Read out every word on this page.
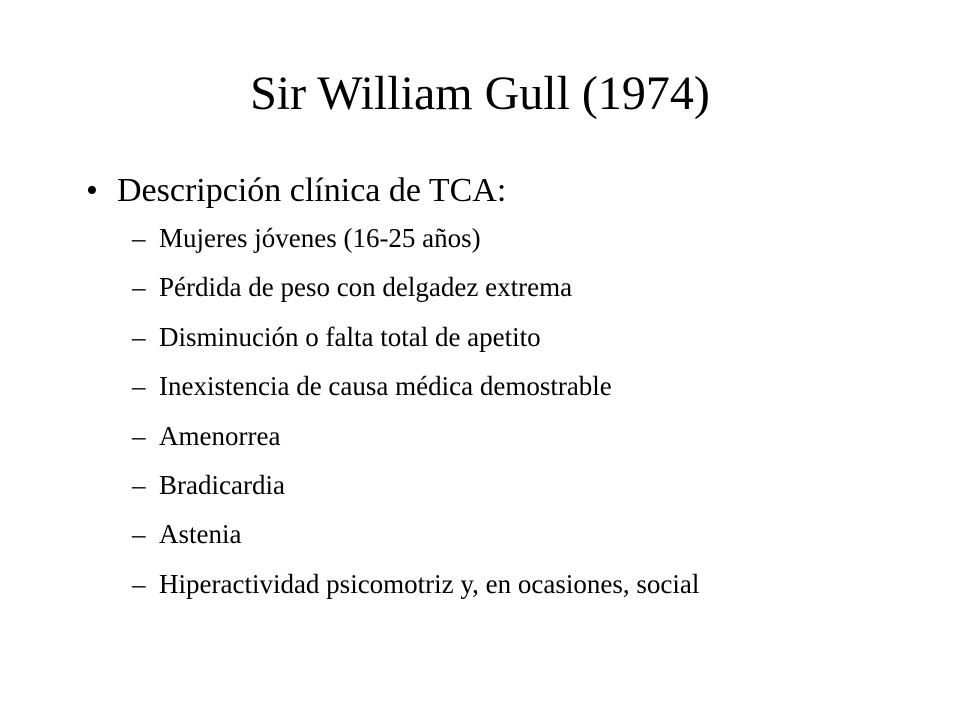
Sir William Gull (1974)
• Descripción clínica de TCA:
– Mujeres jóvenes (16-25 años)
– Pérdida de peso con delgadez extrema
– Disminución o falta total de apetito
– Inexistencia de causa médica demostrable
– Amenorrea
– Bradicardia
– Astenia
– Hiperactividad psicomotriz y, en ocasiones, social
